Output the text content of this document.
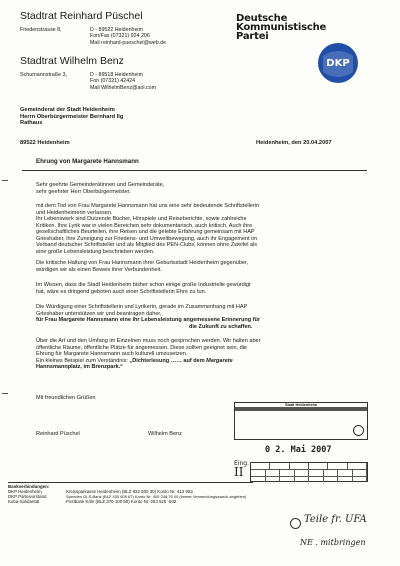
Stadtrat Reinhard Püschel
Friedenstrasse 8,	D - 89522 Heidenheim
Fon/Fax (07321) 924 206
Mail reinhard-pueschel@web.de
Stadtrat Wilhelm Benz
Schumannstraße 3,	D - 89518 Heidenheim
Fon (07321) 42424
Mail WilhelmBenz@aol.com
Deutsche
Kommunistische
Partei
DKP
Gemeinderat der Stadt Heidenheim
Herrn Oberbürgermeister Bernhard Ilg
Rathaus
89522 Heidenheim	Heidenheim, den 20.04.2007
Ehrung von Margarete Hannsmann
Sehr geehrte Gemeinderätinnen und Gemeinderäte,
sehr geehrter Herr Oberbürgermeister,
mit dem Tod von Frau Margarete Hannsmann hat uns eine sehr bedeutende Schriftstellerin
und Heidenheimerin verlassen.
Ihr Lebenswerk sind Dutzende Bücher, Hörspiele und Reiseberichte, sowie zahlreiche
Kritiken. Ihre Lyrik war in vielen Bereichen sehr dokumentarisch, auch kritisch. Auch ihre
gesellschaftliches Beurteilen, ihre Reisen und die gelebte Erfahrung gemeinsam mit HAP
Grieshaber, ihre Zuneigung zur Friedens- und Umweltbewegung, auch ihr Engagement im
Verband deutscher Schriftsteller und als Mitglied des PEN-Clubs, können ohne Zweifel als
eine große Lebensleistung beschrieben werden.
Die kritische Haltung von Frau Hannsmann ihrer Geburtsstadt Heidenheim gegenüber,
würdigen wir als einen Beweis ihrer Verbundenheit.
Im Wissen, dass die Stadt Heidenheim bisher schon einige große Industrielle gewürdigt
hat, wäre es dringend geboten auch einer Schriftstellerin Ehre zu tun.
Die Würdigung einer Schriftstellerin und Lyrikerin, gerade im Zusammenhang mit HAP
Grieshaber unterstützen wir und beantragen daher,
für Frau Margarete Hannsmann eine ihr Lebensleistung angemessene Erinnerung für
die Zukunft zu schaffen.
Über die Art und den Umfang im Einzelnen muss noch gesprochen werden. Wir halten aber
öffentliche Räume, öffentliche Plätze für angemessen. Diese sollten geeignet sein, die
Ehrung für Margarete Hannsmann auch kulturell umzusetzen.
Ein kleines Beispiel zum Verständnis: „Dichterlesung …… auf dem Margarete
Hannsmannplatz, im Brenzpark.“
Mit freundlichen Grüßen
Reinhard Püschel	Wilhelm Benz
Stadt Heidenheim
Eing.
0 2. Mai 2007
II
Bankverbindungen:
DKP Heidenheim	Kreissparkasse Heidenheim (BLZ 632 500 30) Konto Nr. 413 903
DKP Parteivorstand	Spenden GLS-Bank (BLZ 430 609 67) Konto Nr. 400 248 76 00 (immer Verwendungszweck angeben)
Kuba-Solidarität	Postbank Köln (BLZ 370 100 50) Konto Nr. 253 525 -502
Teile fr. UFA
NE . mitbringen
